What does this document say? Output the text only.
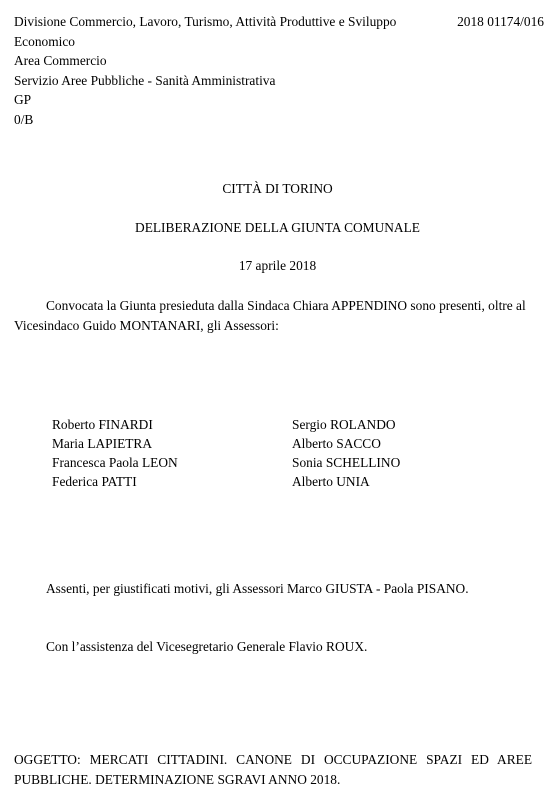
Divisione Commercio, Lavoro, Turismo, Attività Produttive e Sviluppo Economico
2018 01174/016
Area Commercio
Servizio Aree Pubbliche - Sanità Amministrativa
GP
0/B
CITTÀ DI TORINO
DELIBERAZIONE DELLA GIUNTA COMUNALE
17 aprile 2018
Convocata la Giunta presieduta dalla Sindaca Chiara APPENDINO sono presenti, oltre al Vicesindaco Guido MONTANARI, gli Assessori:
Roberto FINARDI
Maria LAPIETRA
Francesca Paola LEON
Federica PATTI
Sergio ROLANDO
Alberto SACCO
Sonia SCHELLINO
Alberto UNIA
Assenti, per giustificati motivi, gli Assessori Marco GIUSTA - Paola PISANO.
Con l’assistenza del Vicesegretario Generale Flavio ROUX.
OGGETTO: MERCATI CITTADINI. CANONE DI OCCUPAZIONE SPAZI ED AREE PUBBLICHE. DETERMINAZIONE SGRAVI ANNO 2018.
